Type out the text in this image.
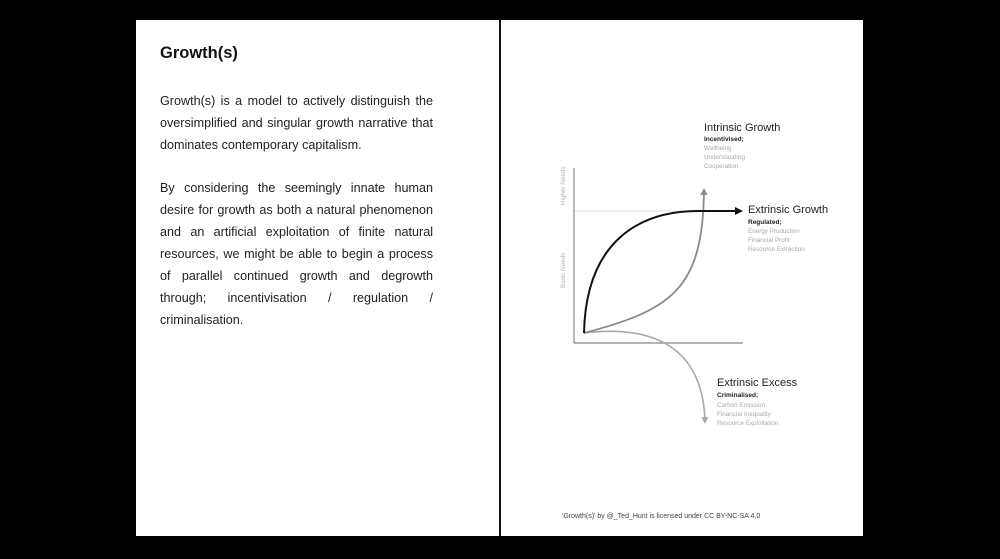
Growth(s)

Growth(s) is a model to actively distinguish the oversimplified and singular growth narrative that dominates contemporary capitalism.

By considering the seemingly innate human desire for growth as both a natural phenomenon and an artificial exploitation of finite natural resources, we might be able to begin a process of parallel continued growth and degrowth through; incentivisation / regulation / criminalisation.

Higher Needs
Basic Needs
Intrinsic Growth
Incentivised;
Wellbeing
Understanding
Cooperation
Extrinsic Growth
Regulated;
Energy Production
Financial Profit
Resource Extraction
Extrinsic Excess
Criminalised;
Carbon Emission
Financial Inequality
Resource Exploitation
'Growth(s)' by @_Ted_Hunt is licensed under CC BY-NC-SA 4.0
